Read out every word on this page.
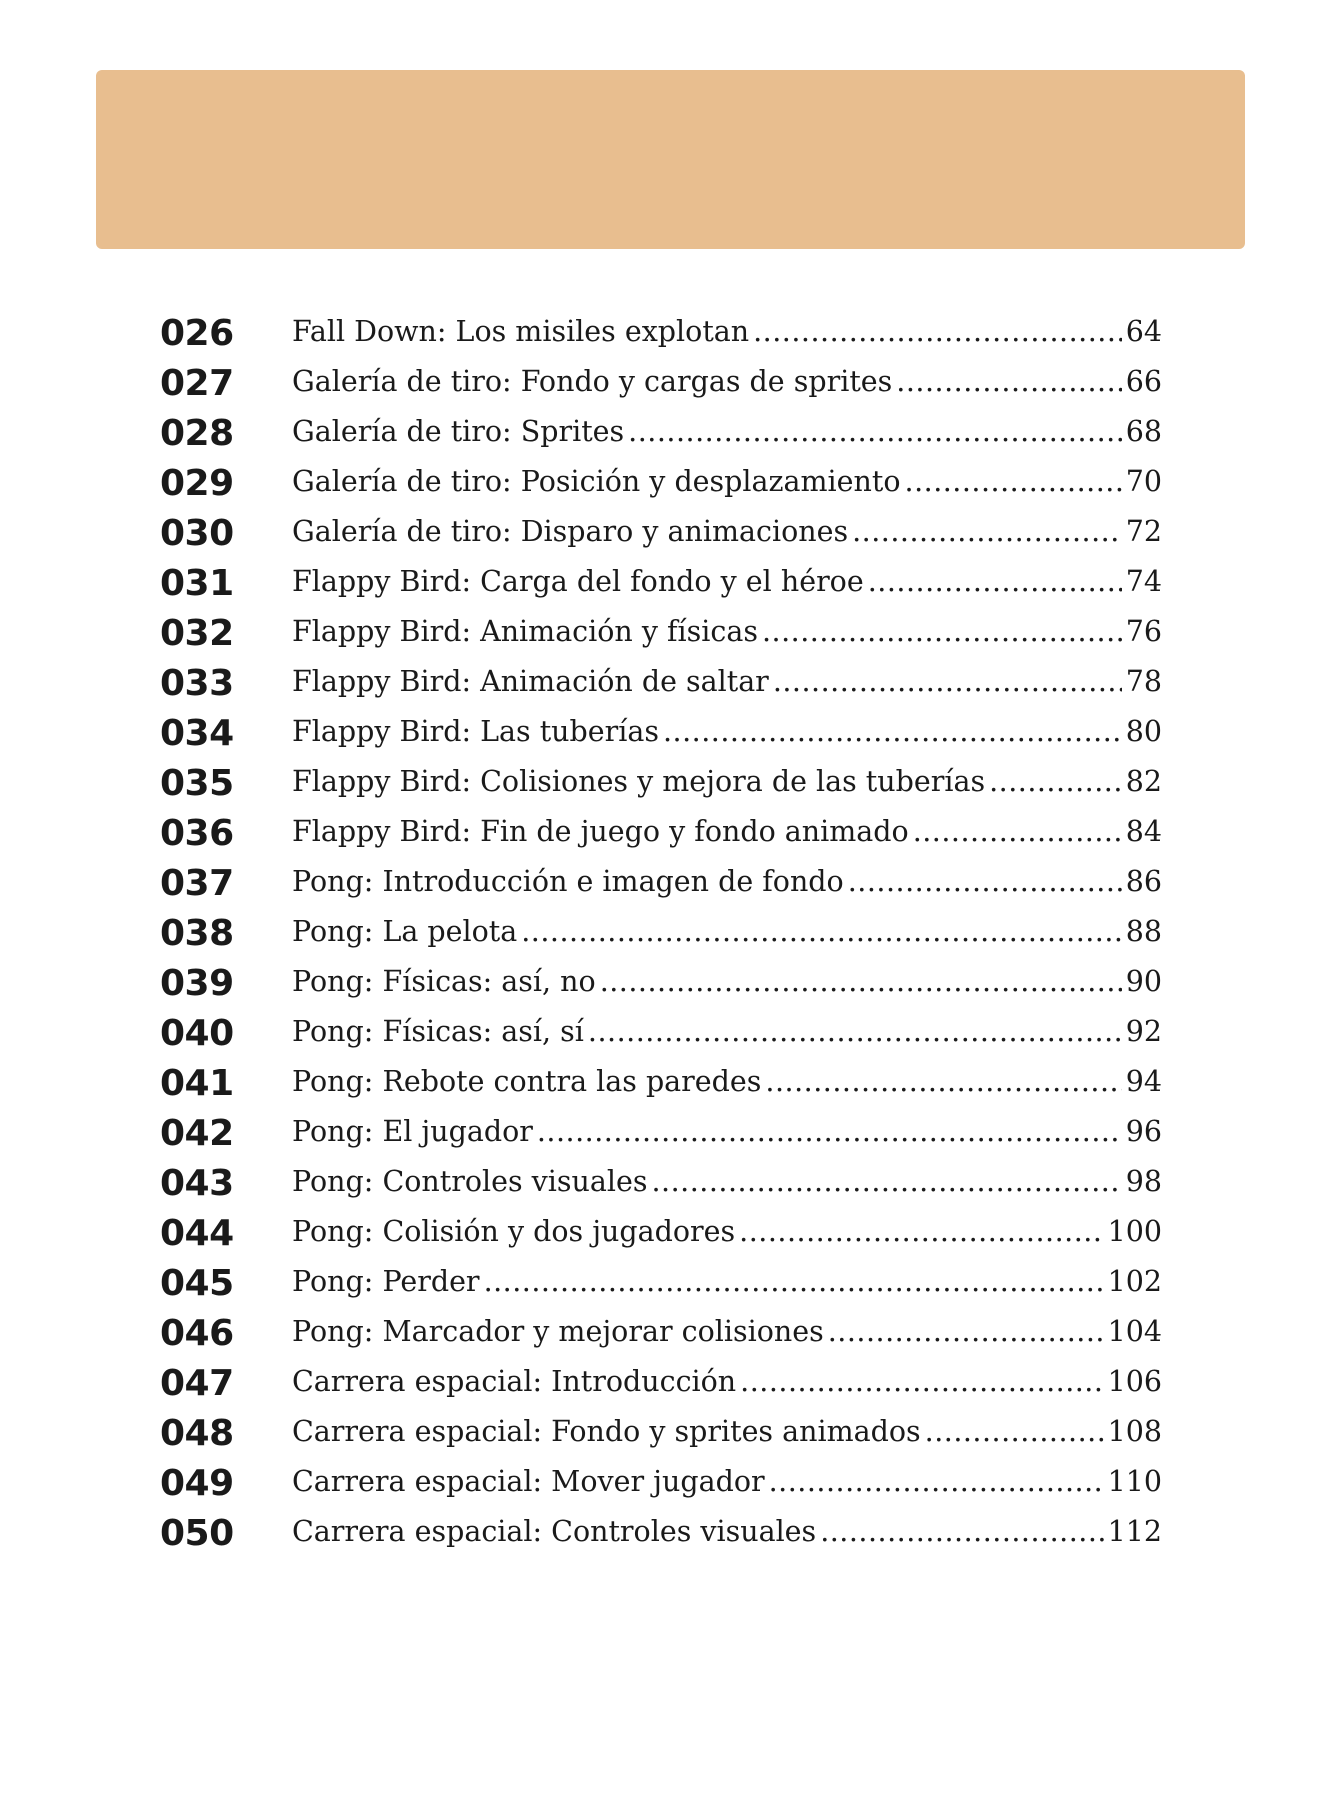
026	Fall Down: Los misiles explotan .....	64
027	Galería de tiro: Fondo y cargas de sprites .....	66
028	Galería de tiro: Sprites .....	68
029	Galería de tiro: Posición y desplazamiento .....	70
030	Galería de tiro: Disparo y animaciones .....	72
031	Flappy Bird: Carga del fondo y el héroe .....	74
032	Flappy Bird: Animación y físicas .....	76
033	Flappy Bird: Animación de saltar .....	78
034	Flappy Bird: Las tuberías .....	80
035	Flappy Bird: Colisiones y mejora de las tuberías .....	82
036	Flappy Bird: Fin de juego y fondo animado .....	84
037	Pong: Introducción e imagen de fondo .....	86
038	Pong: La pelota .....	88
039	Pong: Físicas: así, no .....	90
040	Pong: Físicas: así, sí .....	92
041	Pong: Rebote contra las paredes .....	94
042	Pong: El jugador .....	96
043	Pong: Controles visuales .....	98
044	Pong: Colisión y dos jugadores .....	100
045	Pong: Perder .....	102
046	Pong: Marcador y mejorar colisiones .....	104
047	Carrera espacial: Introducción .....	106
048	Carrera espacial: Fondo y sprites animados .....	108
049	Carrera espacial: Mover jugador .....	110
050	Carrera espacial: Controles visuales .....	112
